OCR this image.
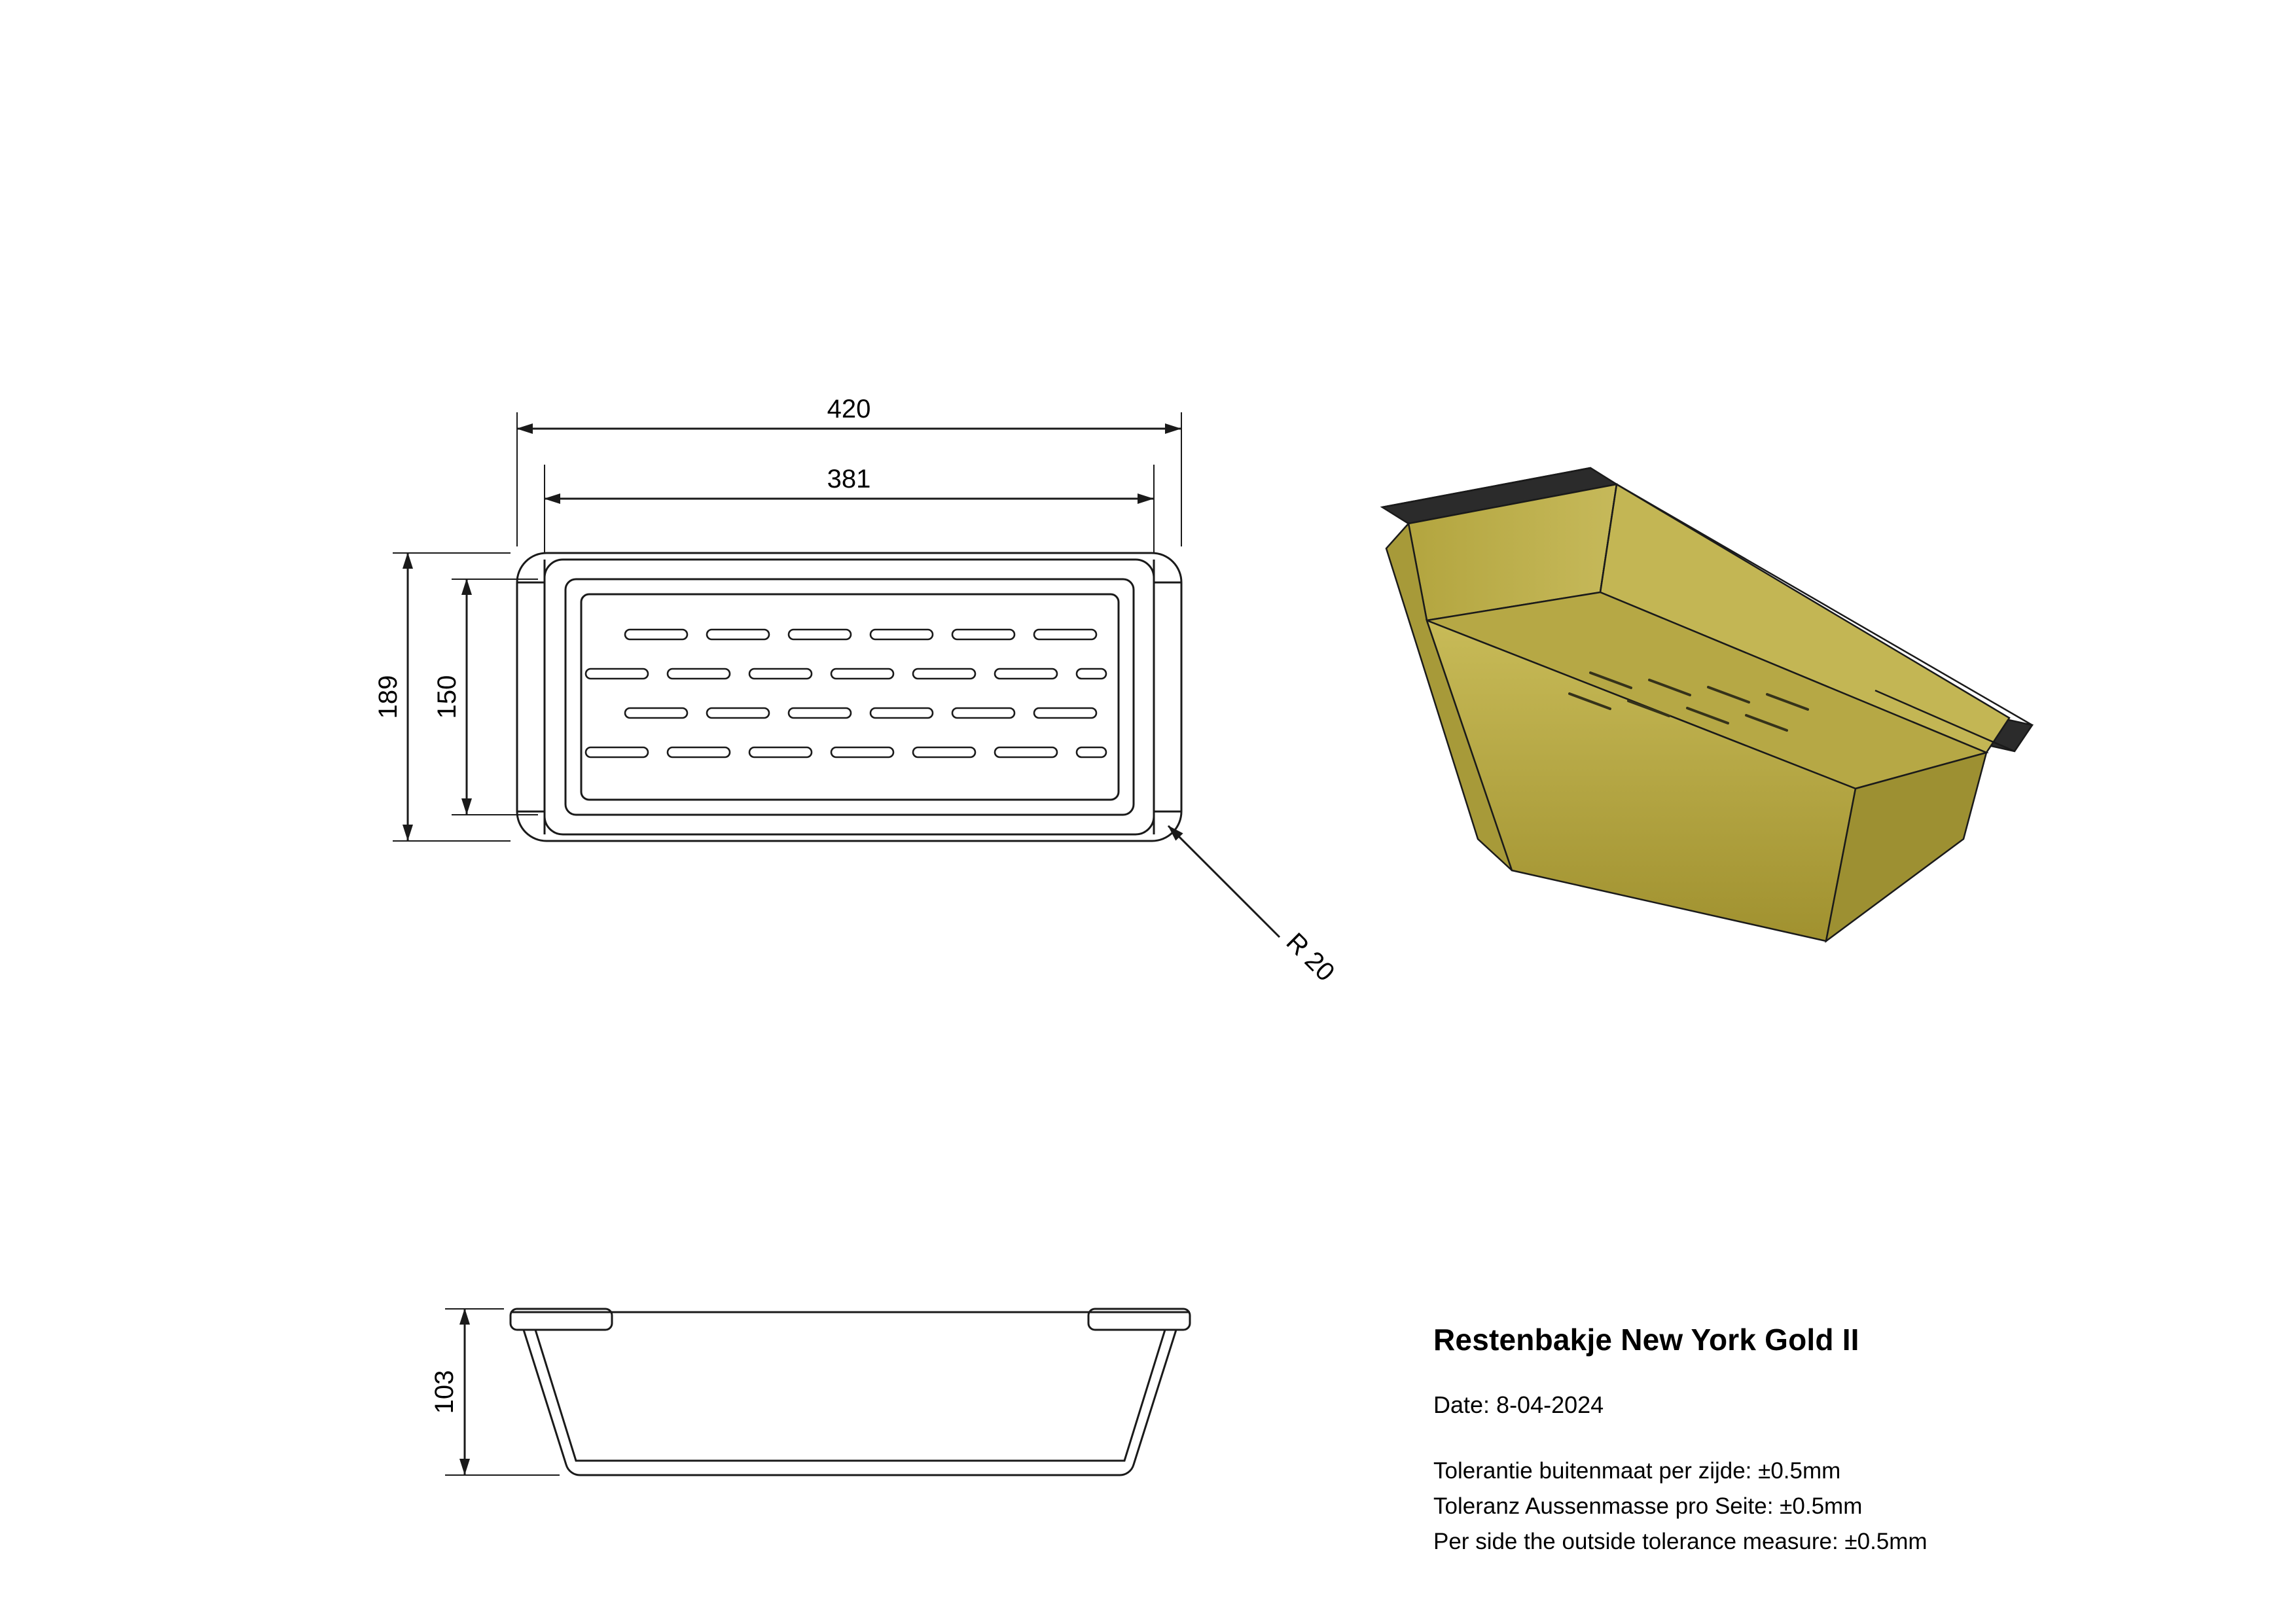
420
381
189 150
R 20
103

Restenbakje New York Gold II

Date: 8-04-2024

Tolerantie buitenmaat per zijde: ±0.5mm

Toleranz Aussenmasse pro Seite: ±0.5mm

Per side the outside tolerance measure: ±0.5mm
